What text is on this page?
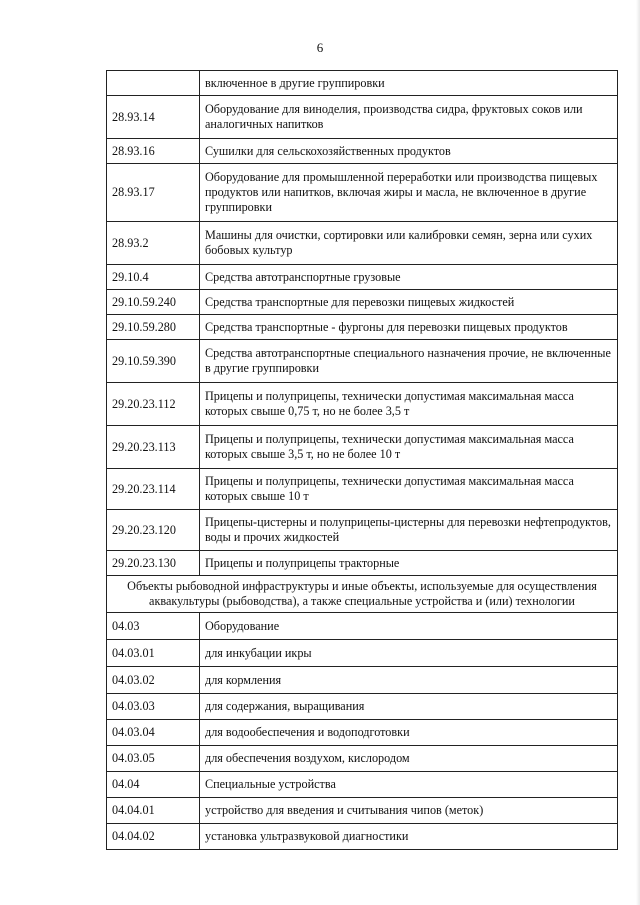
6
	включенное в другие группировки
28.93.14	Оборудование для виноделия, производства сидра, фруктовых соков или аналогичных напитков
28.93.16	Сушилки для сельскохозяйственных продуктов
28.93.17	Оборудование для промышленной переработки или производства пищевых продуктов или напитков, включая жиры и масла, не включенное в другие группировки
28.93.2	Машины для очистки, сортировки или калибровки семян, зерна или сухих бобовых культур
29.10.4	Средства автотранспортные грузовые
29.10.59.240	Средства транспортные для перевозки пищевых жидкостей
29.10.59.280	Средства транспортные - фургоны для перевозки пищевых продуктов
29.10.59.390	Средства автотранспортные специального назначения прочие, не включенные в другие группировки
29.20.23.112	Прицепы и полуприцепы, технически допустимая максимальная масса которых свыше 0,75 т, но не более 3,5 т
29.20.23.113	Прицепы и полуприцепы, технически допустимая максимальная масса которых свыше 3,5 т, но не более 10 т
29.20.23.114	Прицепы и полуприцепы, технически допустимая максимальная масса которых свыше 10 т
29.20.23.120	Прицепы-цистерны и полуприцепы-цистерны для перевозки нефтепродуктов, воды и прочих жидкостей
29.20.23.130	Прицепы и полуприцепы тракторные
Объекты рыбоводной инфраструктуры и иные объекты, используемые для осуществления аквакультуры (рыбоводства), а также специальные устройства и (или) технологии	
04.03	Оборудование
04.03.01	для инкубации икры
04.03.02	для кормления
04.03.03	для содержания, выращивания
04.03.04	для водообеспечения и водоподготовки
04.03.05	для обеспечения воздухом, кислородом
04.04	Специальные устройства
04.04.01	устройство для введения и считывания чипов (меток)
04.04.02	установка ультразвуковой диагностики
